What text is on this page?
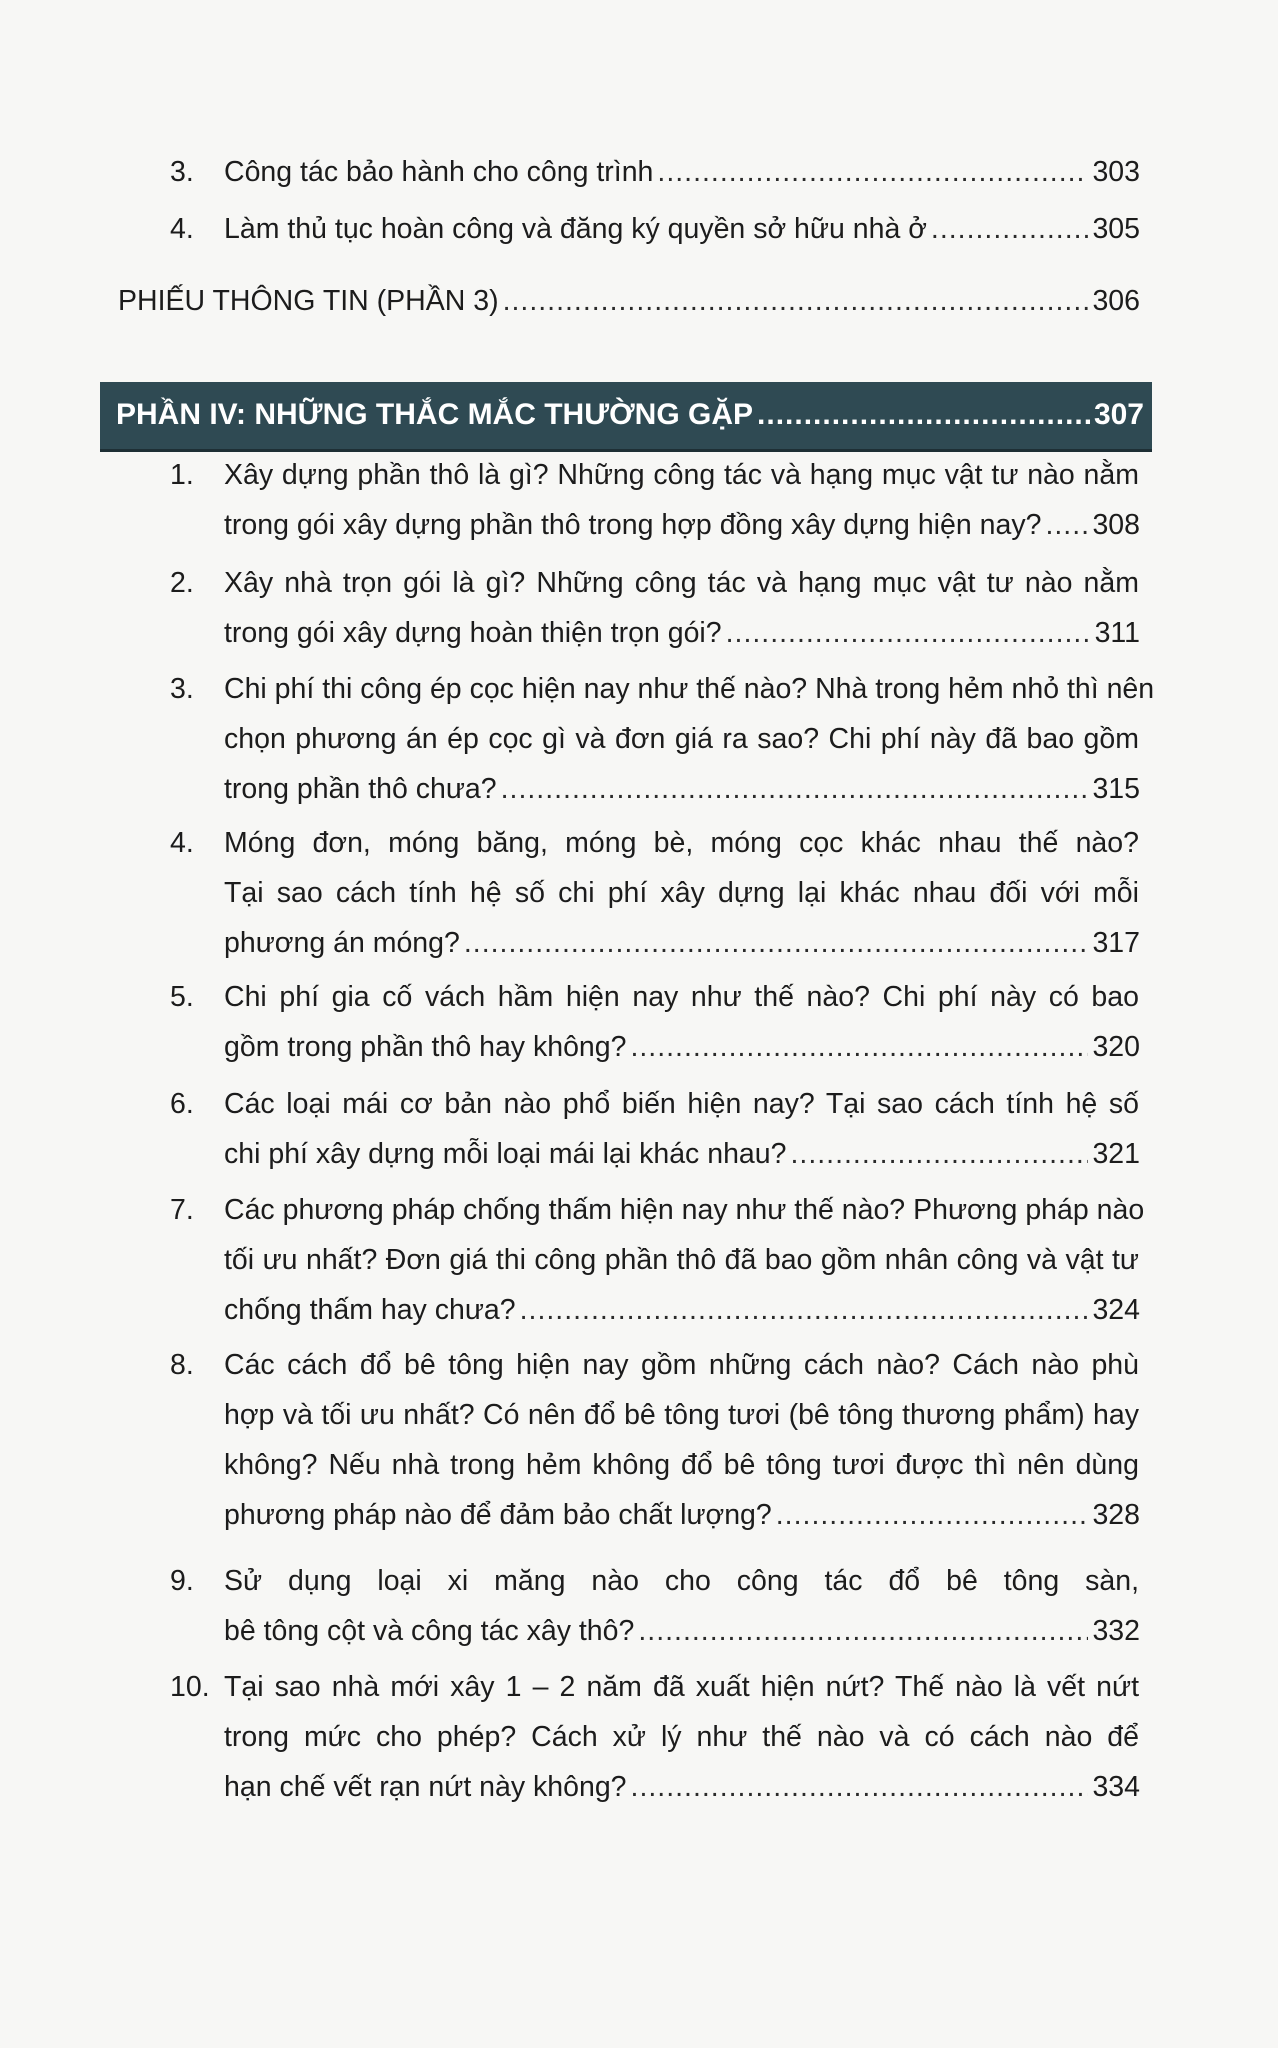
3.	Công tác bảo hành cho công trình .....	303
4.	Làm thủ tục hoàn công và đăng ký quyền sở hữu nhà ở .....	305
PHIẾU THÔNG TIN (PHẦN 3) .....	306
PHẦN IV: NHỮNG THẮC MẮC THƯỜNG GẶP .....	307
1.	Xây dựng phần thô là gì? Những công tác và hạng mục vật tư nào nằm
trong gói xây dựng phần thô trong hợp đồng xây dựng hiện nay? ..... 308
2.	Xây nhà trọn gói là gì? Những công tác và hạng mục vật tư nào nằm
trong gói xây dựng hoàn thiện trọn gói? .....	311
3.	Chi phí thi công ép cọc hiện nay như thế nào? Nhà trong hẻm nhỏ thì nên
chọn phương án ép cọc gì và đơn giá ra sao? Chi phí này đã bao gồm
trong phần thô chưa? .....	315
4.	Móng đơn, móng băng, móng bè, móng cọc khác nhau thế nào?
Tại sao cách tính hệ số chi phí xây dựng lại khác nhau đối với mỗi
phương án móng? .....	317
5.	Chi phí gia cố vách hầm hiện nay như thế nào? Chi phí này có bao
gồm trong phần thô hay không? .....	320
6.	Các loại mái cơ bản nào phổ biến hiện nay? Tại sao cách tính hệ số
chi phí xây dựng mỗi loại mái lại khác nhau? .....	321
7.	Các phương pháp chống thấm hiện nay như thế nào? Phương pháp nào
tối ưu nhất? Đơn giá thi công phần thô đã bao gồm nhân công và vật tư
chống thấm hay chưa? .....	324
8.	Các cách đổ bê tông hiện nay gồm những cách nào? Cách nào phù
hợp và tối ưu nhất? Có nên đổ bê tông tươi (bê tông thương phẩm) hay
không? Nếu nhà trong hẻm không đổ bê tông tươi được thì nên dùng
phương pháp nào để đảm bảo chất lượng? .....	328
9.	Sử dụng loại xi măng nào cho công tác đổ bê tông sàn,
bê tông cột và công tác xây thô? .....	332
10. Tại sao nhà mới xây 1 – 2 năm đã xuất hiện nứt? Thế nào là vết nứt
trong mức cho phép? Cách xử lý như thế nào và có cách nào để
hạn chế vết rạn nứt này không? .....	334
